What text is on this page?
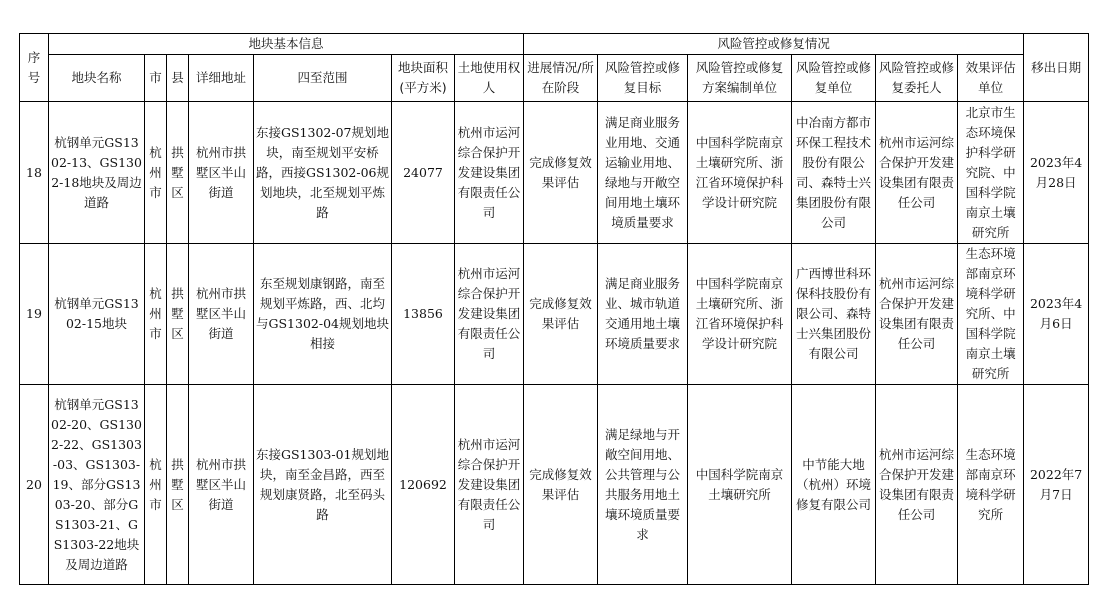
序号	地块基本信息							风险管控或修复情况						移出日期
	地块名称	市	县	详细地址	四至范围	地块面积(平方米)	土地使用权人	进展情况/所在阶段	风险管控或修复目标	风险管控或修复方案编制单位	风险管控或修复单位	风险管控或修复委托人	效果评估单位	
18	杭钢单元GS1302-13、GS1302-18地块及周边道路	杭州市	拱墅区	杭州市拱墅区半山街道	东接GS1302-07规划地块，南至规划平安桥路，西接GS1302-06规划地块，北至规划平炼路	24077	杭州市运河综合保护开发建设集团有限责任公司	完成修复效果评估	满足商业服务业用地、交通运输业用地、绿地与开敞空间用地土壤环境质量要求	中国科学院南京土壤研究所、浙江省环境保护科学设计研究院	中冶南方都市环保工程技术股份有限公司、森特士兴集团股份有限公司	杭州市运河综合保护开发建设集团有限责任公司	北京市生态环境保护科学研究院、中国科学院南京土壤研究所	2023年4月28日
19	杭钢单元GS1302-15地块	杭州市	拱墅区	杭州市拱墅区半山街道	东至规划康钢路，南至规划平炼路，西、北均与GS1302-04规划地块相接	13856	杭州市运河综合保护开发建设集团有限责任公司	完成修复效果评估	满足商业服务业、城市轨道交通用地土壤环境质量要求	中国科学院南京土壤研究所、浙江省环境保护科学设计研究院	广西博世科环保科技股份有限公司、森特士兴集团股份有限公司	杭州市运河综合保护开发建设集团有限责任公司	生态环境部南京环境科学研究所、中国科学院南京土壤研究所	2023年4月6日
20	杭钢单元GS1302-20、GS1302-22、GS1303-03、GS1303-19、部分GS1303-20、部分GS1303-21、GS1303-22地块及周边道路	杭州市	拱墅区	杭州市拱墅区半山街道	东接GS1303-01规划地块，南至金昌路，西至规划康贤路，北至码头路	120692	杭州市运河综合保护开发建设集团有限责任公司	完成修复效果评估	满足绿地与开敞空间用地、公共管理与公共服务用地土壤环境质量要求	中国科学院南京土壤研究所	中节能大地（杭州）环境修复有限公司	杭州市运河综合保护开发建设集团有限责任公司	生态环境部南京环境科学研究所	2022年7月7日
